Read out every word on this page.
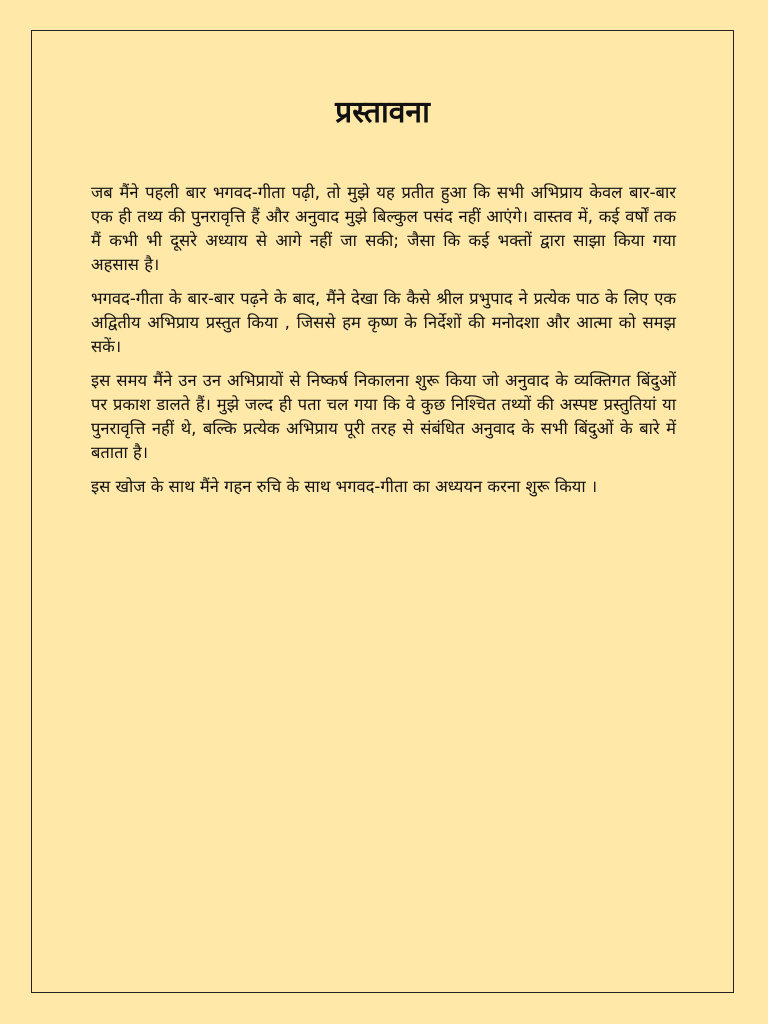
प्रस्तावना

जब मैंने पहली बार भगवद-गीता पढ़ी, तो मुझे यह प्रतीत हुआ कि सभी अभिप्राय केवल बार-बार एक ही तथ्य की पुनरावृत्ति हैं और अनुवाद मुझे बिल्कुल पसंद नहीं आएंगे। वास्तव में, कई वर्षों तक मैं कभी भी दूसरे अध्याय से आगे नहीं जा सकी; जैसा कि कई भक्तों द्वारा साझा किया गया अहसास है।

भगवद-गीता के बार-बार पढ़ने के बाद, मैंने देखा कि कैसे श्रील प्रभुपाद ने प्रत्येक पाठ के लिए एक अद्वितीय अभिप्राय प्रस्तुत किया , जिससे हम कृष्ण के निर्देशों की मनोदशा और आत्मा को समझ सकें।

इस समय मैंने उन उन अभिप्रायों से निष्कर्ष निकालना शुरू किया जो अनुवाद के व्यक्तिगत बिंदुओं पर प्रकाश डालते हैं। मुझे जल्द ही पता चल गया कि वे कुछ निश्चित तथ्यों की अस्पष्ट प्रस्तुतियां या पुनरावृत्ति नहीं थे, बल्कि प्रत्येक अभिप्राय पूरी तरह से संबंधित अनुवाद के सभी बिंदुओं के बारे में बताता है।

इस खोज के साथ मैंने गहन रुचि के साथ भगवद-गीता का अध्ययन करना शुरू किया ।
